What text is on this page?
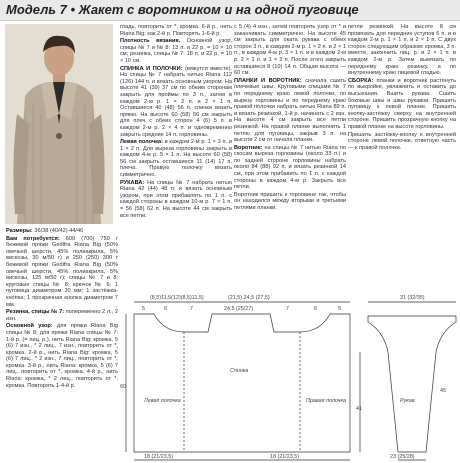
Модель 7 • Жакет с воротником и на одной пуговице

Размеры: 36/38 (40/42) 44/46

Вам потребуется: 600 (700) 750 г бежевой пряжи Gedifra Riana Big (50% овечьей шерсти, 45% полиакрила, 5% вискозы, 30 м/50 г) и 250 (250) 300 г бежевой пряжи Gedifra Riana Big (50% овечьей шерсти, 45% полиакрила, 5% вискозы, 125 м/50 г); спицы № 7 и 8; круговые спицы № 8; крючок № 6; 1 пуговица диаметром 30 мм; 1 застёжка-кнопка; 1 прозрачная кнопка диаметром 7 мм.

Резинка, спицы № 7: попеременно 2 л., 2 изн.

Основной узор: для пряжи Riana Big спицы № 8; для пряжи Riana спицы № 7: 1-й р. (= лиц. р.), нить Riana Big: кромка, 5 (6) 7 изн., * 2 лиц., 7 изн., повторить от *, кромка. 2-й р., нить Riana Big: кромка, 5 (6) 7 лиц., * 2 изн., 7 лиц., повторить от *, кромка. 3-й р., нить Riana: кромка, 5 (6) 7 лиц., повторить от *, кромка. 4-й р., нить Riana: кромка, * 2 лиц., повторить от *, кромка. Повторять 1-4-й р.

гладь, повторить от *, кромка. 6-й р., нить Riana Big: как 2-й р. Повторять 1-6-й р.

Плотность вязания. Основной узор, спицы № 7 и № 8: 13 п. и 22 р. = 10 × 10 см; резинка, спицы № 7: 18 п. и 22 р. = 10 × 10 см.

СПИНКА И ПОЛОЧКИ: (вяжутся вместе). На спицы № 7 набрать нитью Riana 112 (126) 144 п. и вязать основным узором. На высоте 41 (39) 37 см по обеим сторонам закрыть для проймы по 3 п., затем в каждом 2-м р. 1 × 2 п. и 2 × 1 п. Оставшиеся 40 (48) 56 п. спинки вязать прямо. На высоте 60 (58) 56 см закрыть для плеч с обеих сторон 4 (6) 5 п. в каждом 2-м р. 2 × 4 п. и одновременно закрыть средние 14 п. горловины.

Левая полочка: в каждом 2-м р. 1 × 3 п. и 1 × 2 п. Для выреза горловины закрыть в каждом 4-м р. 5 × 1 п. На высоте 60 (58) 56 см закрыть оставшиеся 11 (14) 17 п. плеча. Правую полочку вязать симметрично.

РУКАВА: На спицы № 7 набрать нитью Riana 42 (44) 48 п. и вязать основным узором, при этом прибавлять по 1 п. с каждой стороны в каждом 10-м р. 7 × 1 п. = 56 (58) 62 п. На высоте 44 см закрыть все петли.

с 5 (4) 4 изн., затем повторять узор от * и заканчивать симметрично. На высоте 45 см закрыть для оката рукава с обеих сторон 3 п., в каждом 2-м р. 1 × 2 п. и 2 × 1 п., в каждом 4-м р. 3 × 1 п. и в каждом 2-м р. 2 × 1 п. и 1 × 2 п. После этого закрыть оставшиеся 8 (10) 14 п. Общая высота — 60 см.

ПЛАНКИ И ВОРОТНИК: сначала сшить плечевые швы. Круговыми спицами № 7 по переднему краю левой полочки, по вырезу горловины и по переднему краю правой полочки набрать нитью Riana 89 п. и вязать резинкой, 1-й р. начинать с 2 изн. На высоте 4 см закрыть все петли резинкой. На правой планке выполнить 1 петлю для пуговицы, закрыв 3 п. на высоте 2 см от начала планки.

Воротник: на спицы № 7 нитью Riana по скосам выреза горловины (около 33 п.) и по задней стороне горловины набрать около 84 (88) 92 п. и вязать резинкой 14 см, при этом прибавить по 1 п. с каждой стороны в каждом 4-м р. Закрыть все петли.

Воротник пришить к горловине так, чтобы он находился между вторыми и третьими петлями планки.

петли резинкой. На высоте 8 см провязать для передних уступов 6 п. и в каждом 2-м р. 1 × 1 п. и 2 × 1 п. С двух сторон следующим образом: кромка, 3 п. вместе, закончить лиц. р. и 2 × 1 п. в каждом 2-м р. Затем вывязать по переднему краю резинку, а по внутреннему краю лицевой гладью.

СБОРКА: планки и воротник растянуть по выкройке, увлажнить и оставить до высыхания. Вшить рукава. Сшить боковые швы и швы рукавов. Пришить пуговицу к левой планке. Пришить кнопку-застёжку сверху на внутренней стороне. Пришить прозрачную кнопку на правой планке на высоте горловины.

Пришить застёжку-кнопку к внутренней стороне левой полочки, ответную часть — к правой полочке.

(8,5)11,5(12)(8,5)11,5)	(21,5) 24,5 (27,5)	31 (32/35)
5	6	7	24,5 (25/27)	7	6	5
Спинка
Левая полочка	Правая полочка	Рукав
18 (21/23,5)	18 (21/23,5)	23 (25/28)
60
41
45
